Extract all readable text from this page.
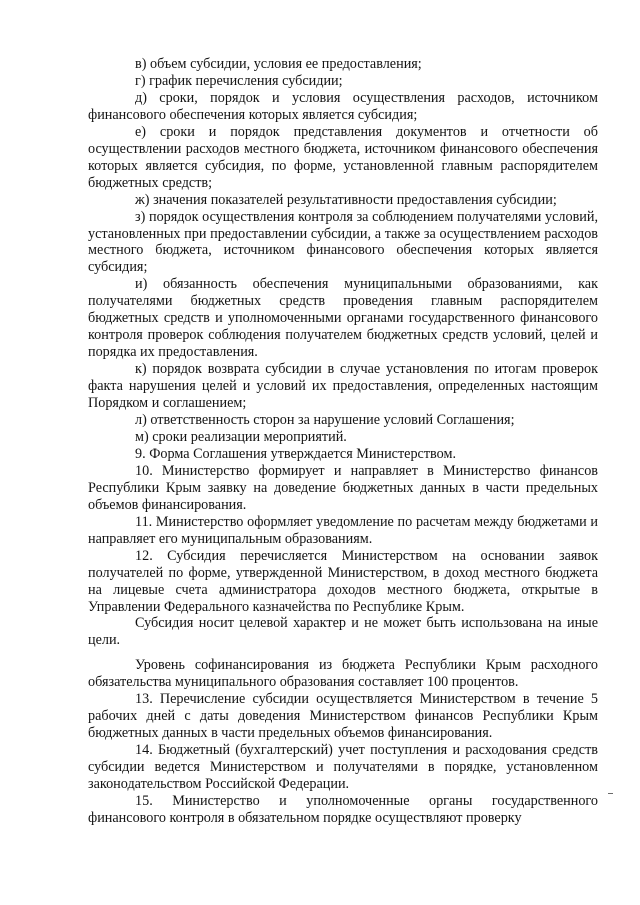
в) объем субсидии, условия ее предоставления;

г) график перечисления субсидии;

д) сроки, порядок и условия осуществления расходов, источником финансового обеспечения которых является субсидия;

е) сроки и порядок представления документов и отчетности об осуществлении расходов местного бюджета, источником финансового обеспечения которых является субсидия, по форме, установленной главным распорядителем бюджетных средств;

ж) значения показателей результативности предоставления субсидии;

з) порядок осуществления контроля за соблюдением получателями условий, установленных при предоставлении субсидии, а также за осуществлением расходов местного бюджета, источником финансового обеспечения которых является субсидия;

и) обязанность обеспечения муниципальными образованиями, как получателями бюджетных средств проведения главным распорядителем бюджетных средств и уполномоченными органами государственного финансового контроля проверок соблюдения получателем бюджетных средств условий, целей и порядка их предоставления.

к) порядок возврата субсидии в случае установления по итогам проверок факта нарушения целей и условий их предоставления, определенных настоящим Порядком и соглашением;

л) ответственность сторон за нарушение условий Соглашения;

м) сроки реализации мероприятий.

9. Форма Соглашения утверждается Министерством.

10. Министерство формирует и направляет в Министерство финансов Республики Крым заявку на доведение бюджетных данных в части предельных объемов финансирования.

11. Министерство оформляет уведомление по расчетам между бюджетами и направляет его муниципальным образованиям.

12. Субсидия перечисляется Министерством на основании заявок получателей по форме, утвержденной Министерством, в доход местного бюджета на лицевые счета администратора доходов местного бюджета, открытые в Управлении Федерального казначейства по Республике Крым.

Субсидия носит целевой характер и не может быть использована на иные цели.

Уровень софинансирования из бюджета Республики Крым расходного обязательства муниципального образования составляет 100 процентов.

13. Перечисление субсидии осуществляется Министерством в течение 5 рабочих дней с даты доведения Министерством финансов Республики Крым бюджетных данных в части предельных объемов финансирования.

14. Бюджетный (бухгалтерский) учет поступления и расходования средств субсидии ведется Министерством и получателями в порядке, установленном законодательством Российской Федерации.

15. Министерство и уполномоченные органы государственного финансового контроля в обязательном порядке осуществляют проверку
